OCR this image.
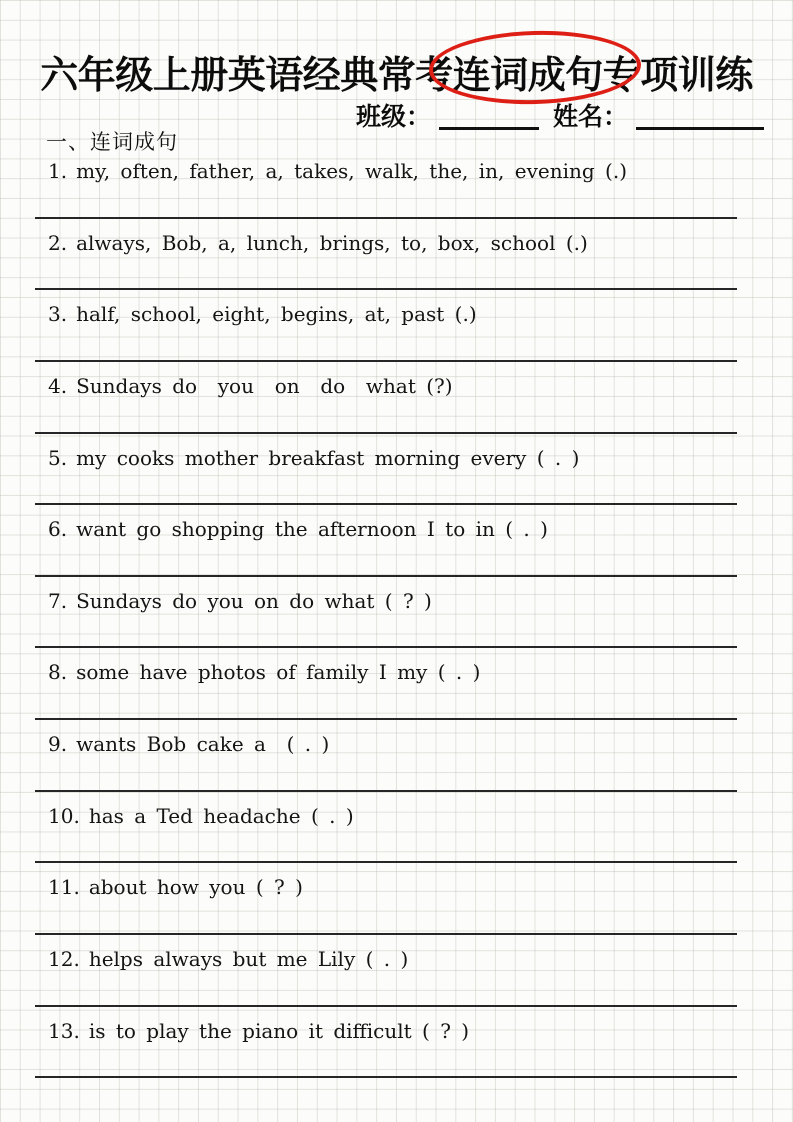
六年级上册英语经典常考连词成句专项训练
班级：	姓名：
一、连词成句
1. my, often, father, a, takes, walk, the, in, evening (.)
2. always, Bob, a, lunch, brings, to, box, school (.)
3. half, school, eight, begins, at, past (.)
4. Sundays do  you  on  do  what (?)
5. my cooks mother breakfast morning every ( . )
6. want go shopping the afternoon I to in ( . )
7. Sundays do you on do what ( ? )
8. some have photos of family I my ( . )
9. wants Bob cake a  ( . )
10. has a Ted headache ( . )
11. about how you ( ? )
12. helps always but me Lily ( . )
13. is to play the piano it difficult ( ? )
